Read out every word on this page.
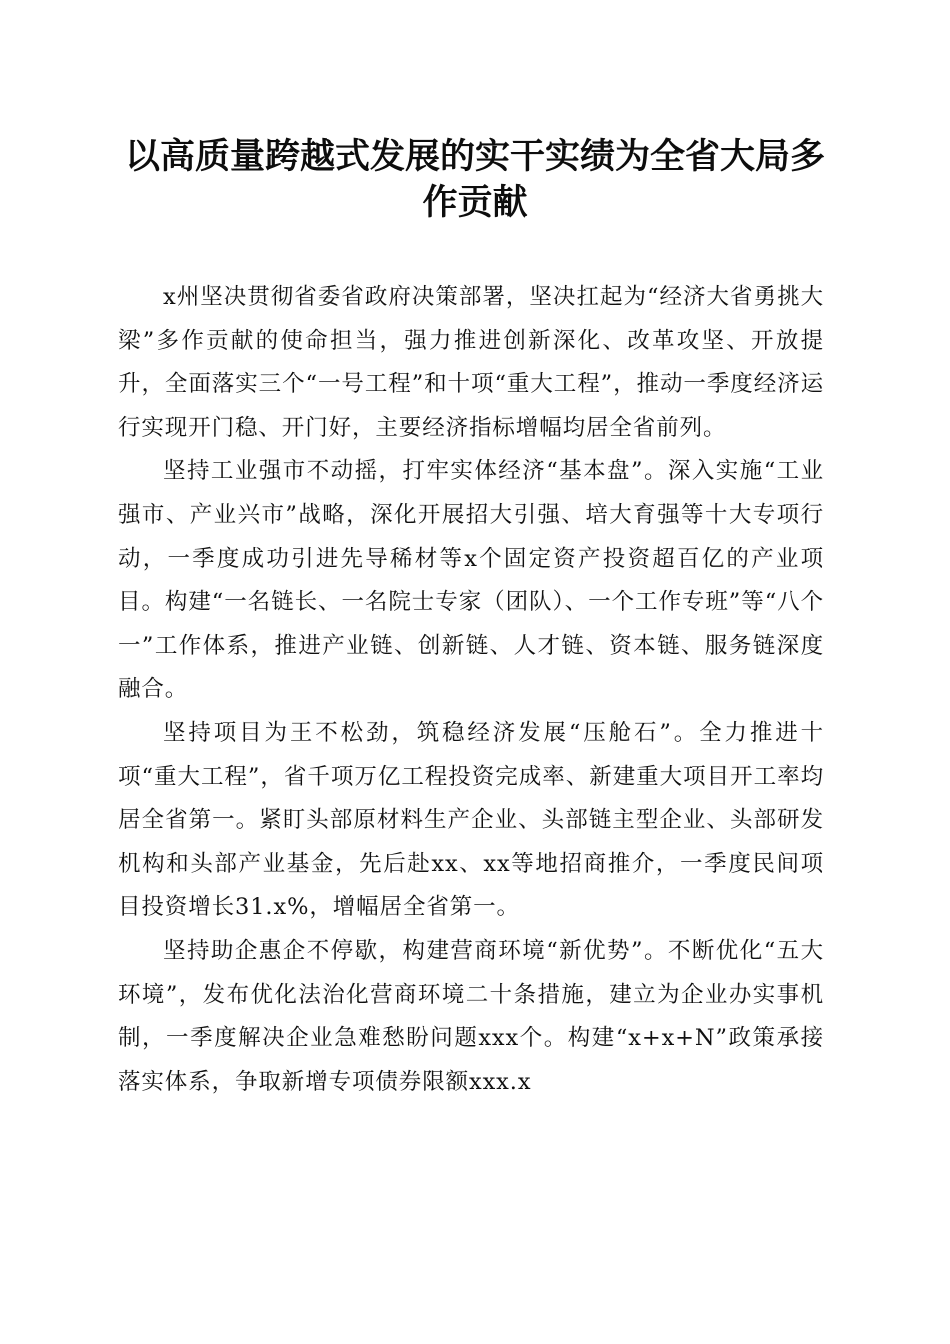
以高质量跨越式发展的实干实绩为全省大局多作贡献

x州坚决贯彻省委省政府决策部署，坚决扛起为“经济大省勇挑大梁”多作贡献的使命担当，强力推进创新深化、改革攻坚、开放提升，全面落实三个“一号工程”和十项“重大工程”，推动一季度经济运行实现开门稳、开门好，主要经济指标增幅均居全省前列。

坚持工业强市不动摇，打牢实体经济“基本盘”。深入实施“工业强市、产业兴市”战略，深化开展招大引强、培大育强等十大专项行动，一季度成功引进先导稀材等x个固定资产投资超百亿的产业项目。构建“一名链长、一名院士专家（团队）、一个工作专班”等“八个一”工作体系，推进产业链、创新链、人才链、资本链、服务链深度融合。

坚持项目为王不松劲，筑稳经济发展“压舱石”。全力推进十项“重大工程”，省千项万亿工程投资完成率、新建重大项目开工率均居全省第一。紧盯头部原材料生产企业、头部链主型企业、头部研发机构和头部产业基金，先后赴xx、xx等地招商推介，一季度民间项目投资增长31.x%，增幅居全省第一。

坚持助企惠企不停歇，构建营商环境“新优势”。不断优化“五大环境”，发布优化法治化营商环境二十条措施，建立为企业办实事机制，一季度解决企业急难愁盼问题xxx个。构建“x+x+N”政策承接落实体系，争取新增专项债券限额xxx.x
